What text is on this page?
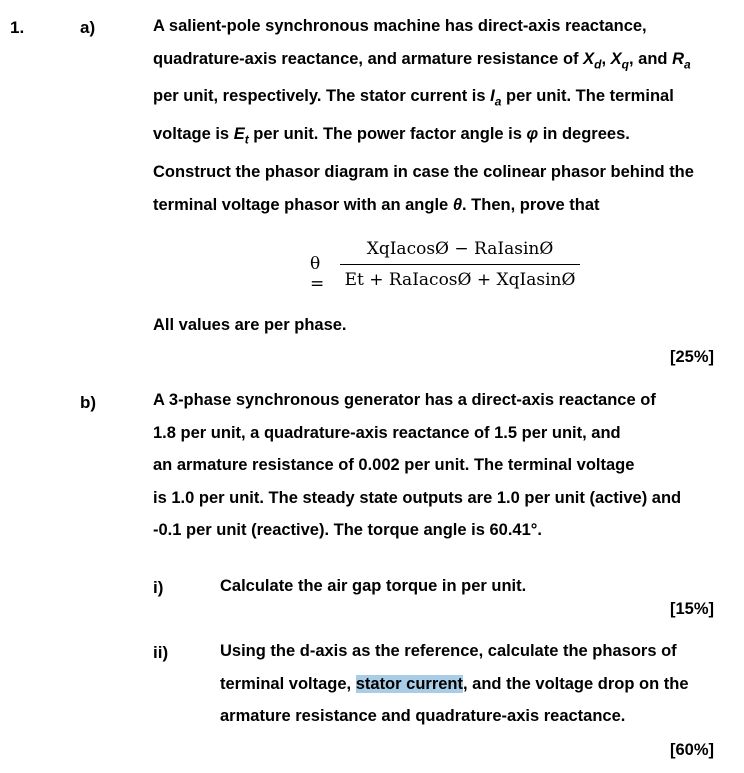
1.	a)	A salient-pole synchronous machine has direct-axis reactance,
quadrature-axis reactance, and armature resistance of $X_d$, $X_q$, and $R_a$
per unit, respectively. The stator current is $I_a$ per unit. The terminal
voltage is $E_t$ per unit. The power factor angle is φ in degrees.
Construct the phasor diagram in case the colinear phasor behind the
terminal voltage phasor with an angle θ. Then, prove that
θ =
XqIacosØ − RaIasinØ
Et + RaIacosØ + XqIasinØ
All values are per phase.
[25%]
b)	A 3-phase synchronous generator has a direct-axis reactance of
1.8 per unit, a quadrature-axis reactance of 1.5 per unit, and
an armature resistance of 0.002 per unit. The terminal voltage
is 1.0 per unit. The steady state outputs are 1.0 per unit (active) and
-0.1 per unit (reactive). The torque angle is 60.41°.
i)	Calculate the air gap torque in per unit.
[15%]
ii)	Using the d-axis as the reference, calculate the phasors of
terminal voltage, stator current, and the voltage drop on the
armature resistance and quadrature-axis reactance.
[60%]
